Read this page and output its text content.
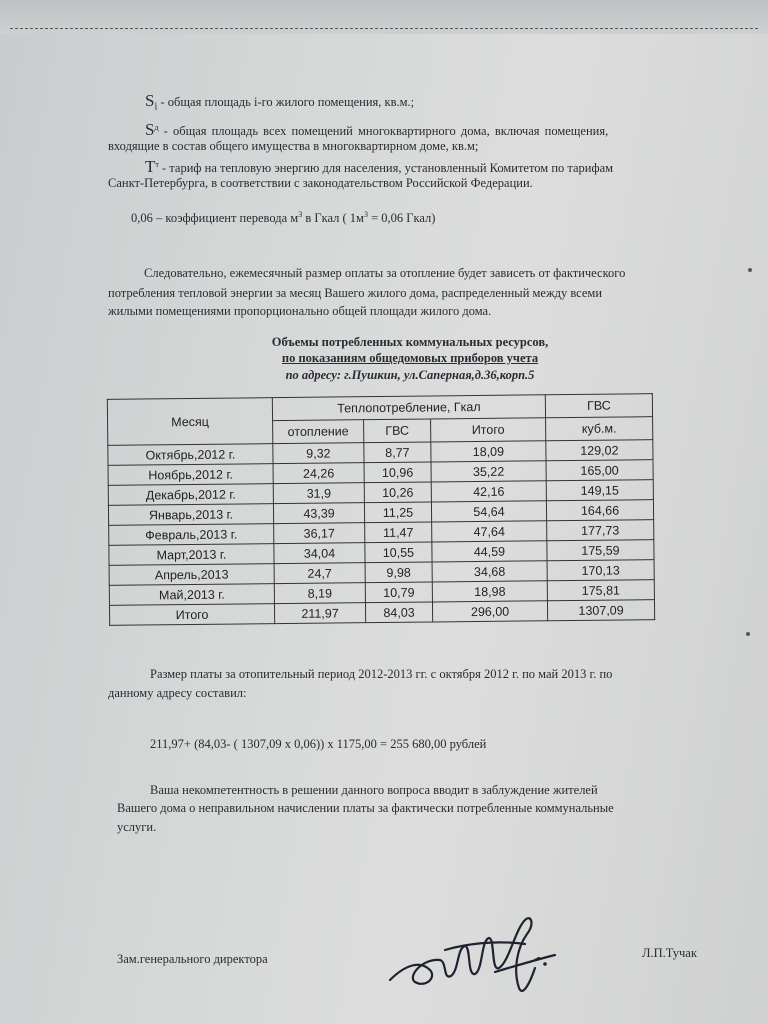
$S_i$ - общая площадь i-го жилого помещения, кв.м.;
$S^д$ - общая площадь всех помещений многоквартирного дома, включая помещения,
входящие в состав общего имущества в многоквартирном доме, кв.м;
$T^т$ - тариф на тепловую энергию для населения, установленный Комитетом по тарифам
Санкт-Петербурга, в соответствии с законодательством Российской Федерации.
0,06 – коэффициент перевода $м^3$ в Гкал ( $1м^3 = 0,06$ Гкал)
Следовательно, ежемесячный размер оплаты за отопление будет зависеть от фактического
потребления тепловой энергии за месяц Вашего жилого дома, распределенный между всеми
жилыми помещениями пропорционально общей площади жилого дома.
Объемы потребленных коммунальных ресурсов,
по показаниям общедомовых приборов учета
по адресу: г.Пушкин, ул.Саперная,д.36,корп.5
Месяц	Теплопотребление, Гкал			ГВС
	отопление	ГВС	Итого	куб.м.
Октябрь,2012 г.	9,32	8,77	18,09	129,02
Ноябрь,2012 г.	24,26	10,96	35,22	165,00
Декабрь,2012 г.	31,9	10,26	42,16	149,15
Январь,2013 г.	43,39	11,25	54,64	164,66
Февраль,2013 г.	36,17	11,47	47,64	177,73
Март,2013 г.	34,04	10,55	44,59	175,59
Апрель,2013	24,7	9,98	34,68	170,13
Май,2013 г.	8,19	10,79	18,98	175,81
Итого	211,97	84,03	296,00	1307,09
Размер платы за отопительный период 2012-2013 гг. с октября 2012 г. по май 2013 г. по
данному адресу составил:
211,97+ (84,03- ( 1307,09 х 0,06)) х 1175,00 = 255 680,00 рублей
Ваша некомпетентность в решении данного вопроса вводит в заблуждение жителей
Вашего дома о неправильном начислении платы за фактически потребленные коммунальные
услуги.
Зам.генерального директора	Л.П.Тучак
